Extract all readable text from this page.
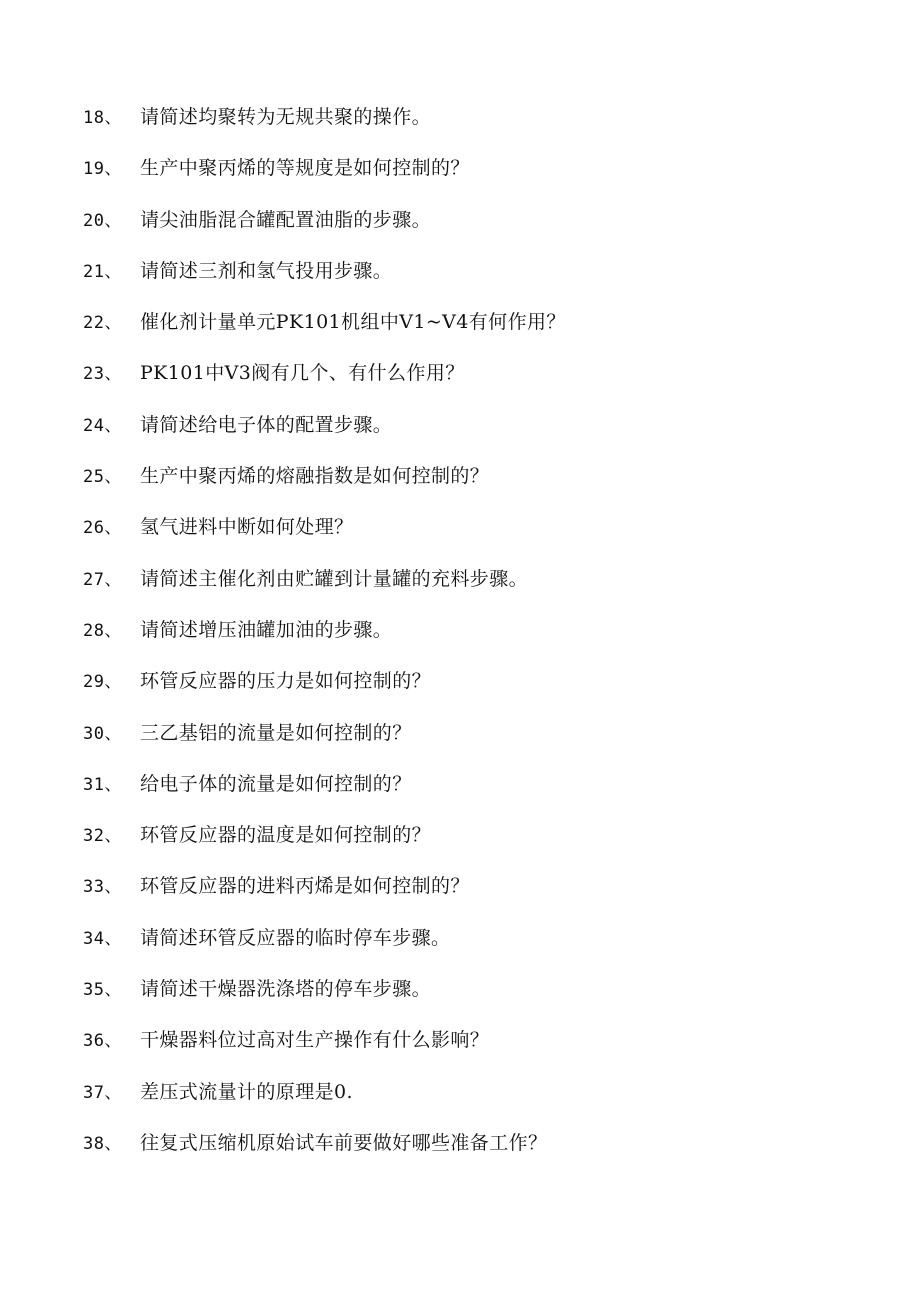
18、 请简述均聚转为无规共聚的操作。
19、 生产中聚丙烯的等规度是如何控制的？
20、 请尖油脂混合罐配置油脂的步骤。
21、 请简述三剂和氢气投用步骤。
22、 催化剂计量单元PK101机组中V1~V4有何作用？
23、 PK101中V3阀有几个、有什么作用？
24、 请简述给电子体的配置步骤。
25、 生产中聚丙烯的熔融指数是如何控制的？
26、 氢气进料中断如何处理？
27、 请简述主催化剂由贮罐到计量罐的充料步骤。
28、 请简述增压油罐加油的步骤。
29、 环管反应器的压力是如何控制的？
30、 三乙基铝的流量是如何控制的？
31、 给电子体的流量是如何控制的？
32、 环管反应器的温度是如何控制的？
33、 环管反应器的进料丙烯是如何控制的？
34、 请简述环管反应器的临时停车步骤。
35、 请简述干燥器洗涤塔的停车步骤。
36、 干燥器料位过高对生产操作有什么影响？
37、 差压式流量计的原理是0.
38、 往复式压缩机原始试车前要做好哪些准备工作？
